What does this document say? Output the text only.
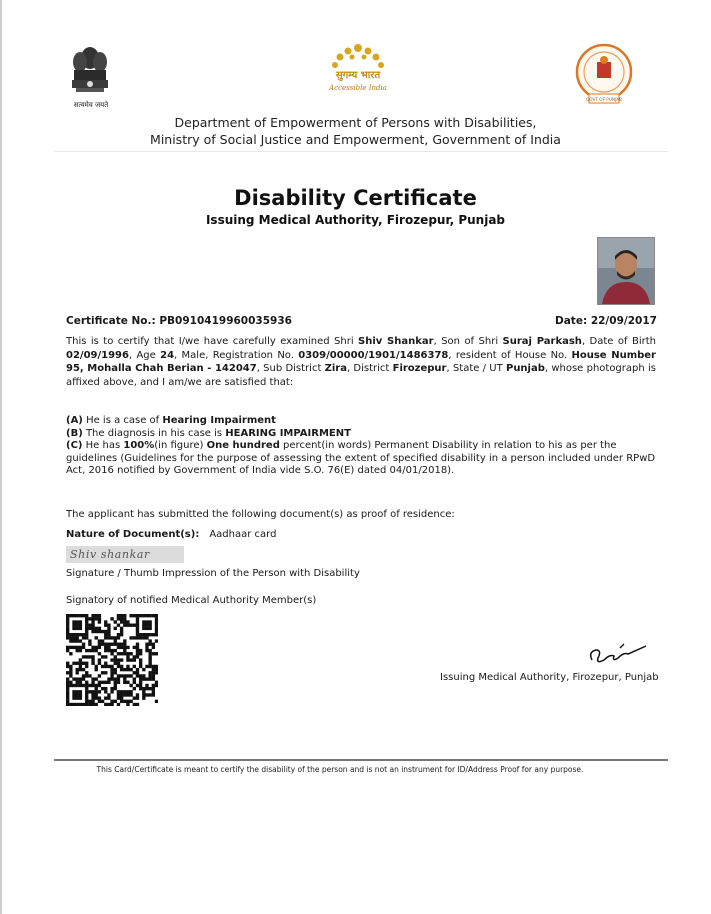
सत्यमेव जयते
सुगम्य भारत
Accessible India
GOVT OF PUNJAB
Department of Empowerment of Persons with Disabilities,
Ministry of Social Justice and Empowerment, Government of India
Disability Certificate
Issuing Medical Authority, Firozepur, Punjab
Certificate No.: PB0910419960035936	Date: 22/09/2017
This is to certify that I/we have carefully examined Shri Shiv Shankar, Son of Shri Suraj Parkash, Date of Birth 02/09/1996, Age 24, Male, Registration No. 0309/00000/1901/1486378, resident of House No. House Number 95, Mohalla Chah Berian - 142047, Sub District Zira, District Firozepur, State / UT Punjab, whose photograph is affixed above, and I am/we are satisfied that:
(A) He is a case of Hearing Impairment
(B) The diagnosis in his case is HEARING IMPAIRMENT
(C) He has 100%(in figure) One hundred percent(in words) Permanent Disability in relation to his as per the guidelines (Guidelines for the purpose of assessing the extent of specified disability in a person included under RPwD Act, 2016 notified by Government of India vide S.O. 76(E) dated 04/01/2018).
The applicant has submitted the following document(s) as proof of residence:
Nature of Document(s): Aadhaar card
Shiv shankar
Signature / Thumb Impression of the Person with Disability
Signatory of notified Medical Authority Member(s)
Issuing Medical Authority, Firozepur, Punjab
This Card/Certificate is meant to certify the disability of the person and is not an instrument for ID/Address Proof for any purpose.
